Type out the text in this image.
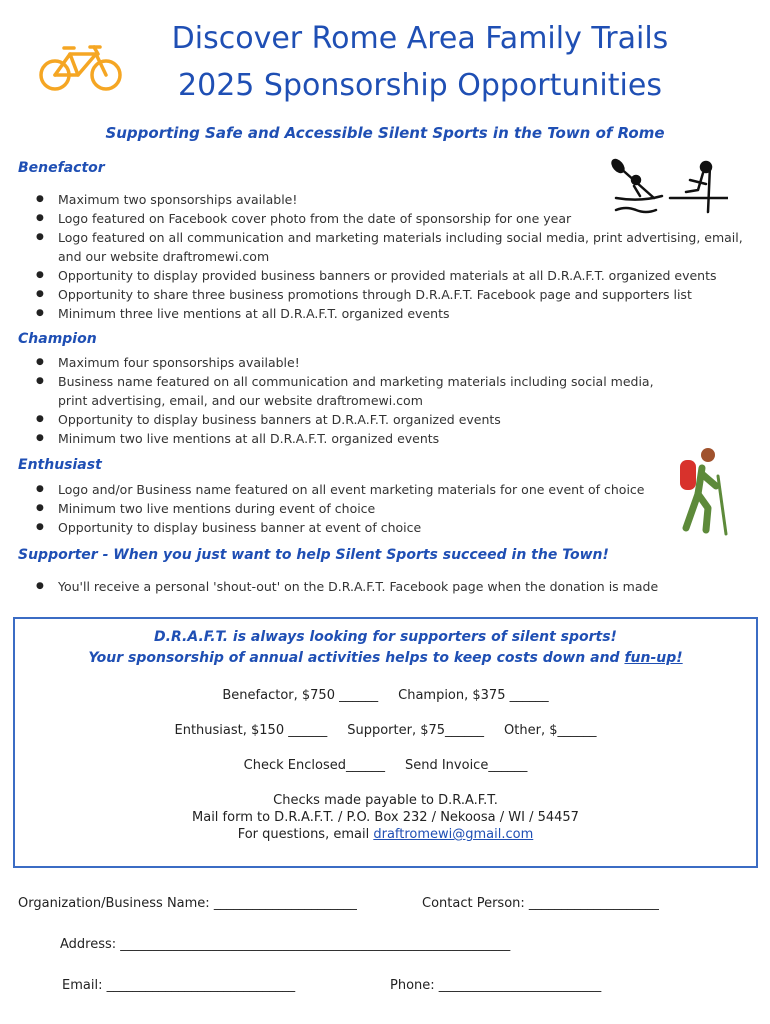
Discover Rome Area Family Trails
2025 Sponsorship Opportunities
Supporting Safe and Accessible Silent Sports in the Town of Rome
Benefactor
● Maximum two sponsorships available!
● Logo featured on Facebook cover photo from the date of sponsorship for one year
● Logo featured on all communication and marketing materials including social media, print advertising, email, and our website draftromewi.com
● Opportunity to display provided business banners or provided materials at all D.R.A.F.T. organized events
● Opportunity to share three business promotions through D.R.A.F.T. Facebook page and supporters list
● Minimum three live mentions at all D.R.A.F.T. organized events
Champion
● Maximum four sponsorships available!
● Business name featured on all communication and marketing materials including social media, print advertising, email, and our website draftromewi.com
● Opportunity to display business banners at D.R.A.F.T. organized events
● Minimum two live mentions at all D.R.A.F.T. organized events
Enthusiast
● Logo and/or Business name featured on all event marketing materials for one event of choice
● Minimum two live mentions during event of choice
● Opportunity to display business banner at event of choice
Supporter - When you just want to help Silent Sports succeed in the Town!
● You'll receive a personal 'shout-out' on the D.R.A.F.T. Facebook page when the donation is made
D.R.A.F.T. is always looking for supporters of silent sports!
Your sponsorship of annual activities helps to keep costs down and fun-up!
Benefactor, $750 ______ Champion, $375 ______
Enthusiast, $150 ______ Supporter, $75______ Other, $______
Check Enclosed______ Send Invoice______
Checks made payable to D.R.A.F.T.
Mail form to D.R.A.F.T. / P.O. Box 232 / Nekoosa / WI / 54457
For questions, email draftromewi@gmail.com
Organization/Business Name: ______________________	Contact Person: ____________________
Address: ____________________________________________________________
Email: _____________________________	Phone: _________________________
